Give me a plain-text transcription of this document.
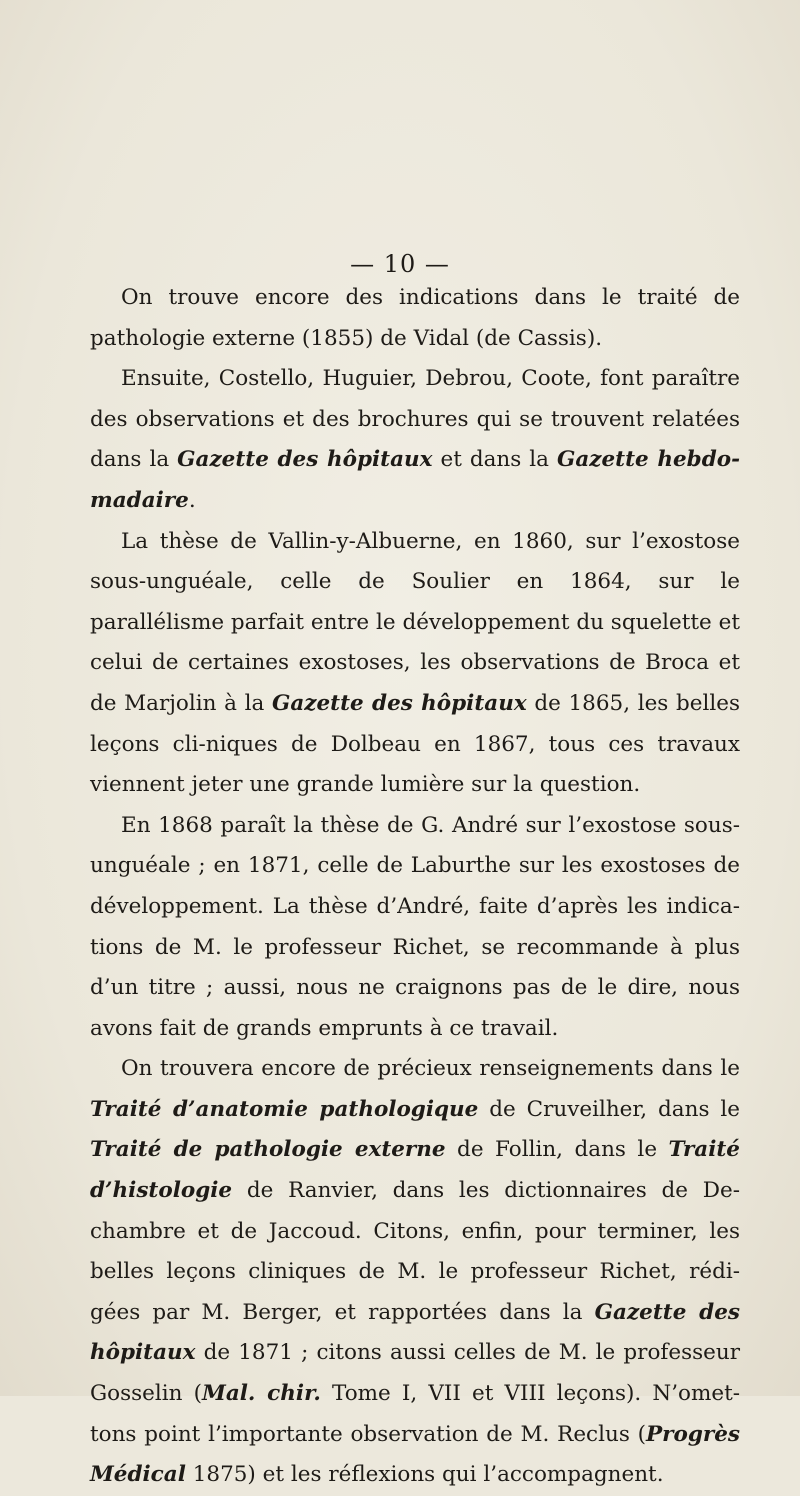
— 10 —

On trouve encore des indications dans le traité de pathologie externe (1855) de Vidal (de Cassis).

Ensuite, Costello, Huguier, Debrou, Coote, font paraître des observations et des brochures qui se trouvent relatées dans la Gazette des hôpitaux et dans la Gazette hebdo-madaire.

La thèse de Vallin-y-Albuerne, en 1860, sur l’exostose sous-unguéale, celle de Soulier en 1864, sur le parallélisme parfait entre le développement du squelette et celui de certaines exostoses, les observations de Broca et de Marjolin à la Gazette des hôpitaux de 1865, les belles leçons cli-niques de Dolbeau en 1867, tous ces travaux viennent jeter une grande lumière sur la question.

En 1868 paraît la thèse de G. André sur l’exostose sous-unguéale ; en 1871, celle de Laburthe sur les exostoses de développement. La thèse d’André, faite d’après les indica-tions de M. le professeur Richet, se recommande à plus d’un titre ; aussi, nous ne craignons pas de le dire, nous avons fait de grands emprunts à ce travail.

On trouvera encore de précieux renseignements dans le Traité d’anatomie pathologique de Cruveilher, dans le Traité de pathologie externe de Follin, dans le Traité d’histologie de Ranvier, dans les dictionnaires de De-chambre et de Jaccoud. Citons, enfin, pour terminer, les belles leçons cliniques de M. le professeur Richet, rédi-gées par M. Berger, et rapportées dans la Gazette des hôpitaux de 1871 ; citons aussi celles de M. le professeur Gosselin (Mal. chir. Tome I, VII et VIII leçons). N’omet-tons point l’importante observation de M. Reclus (Progrès Médical 1875) et les réflexions qui l’accompagnent.
